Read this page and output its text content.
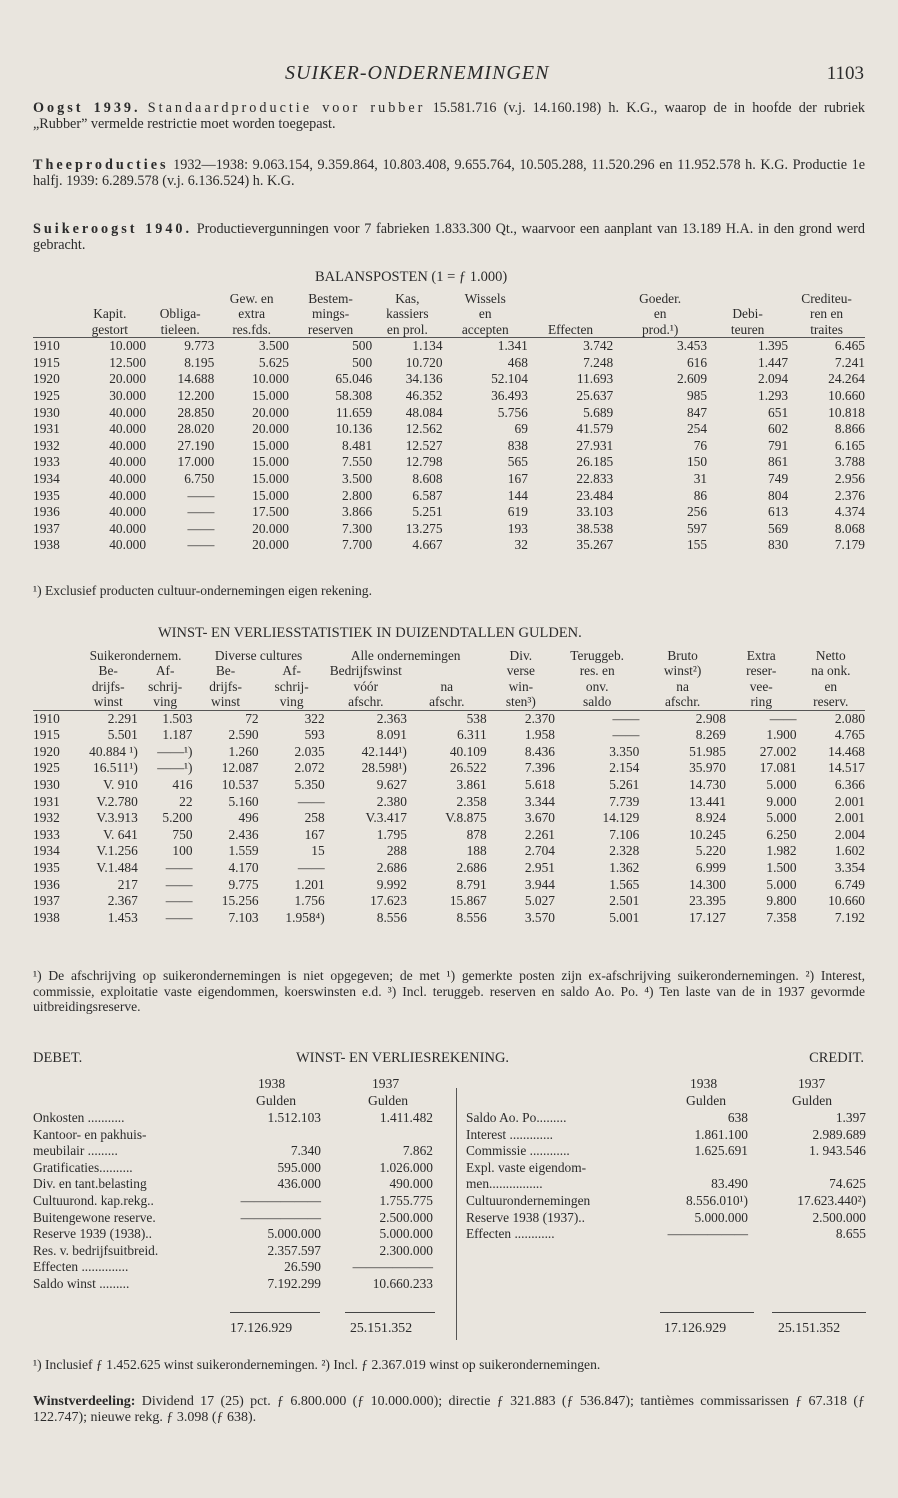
SUIKER-ONDERNEMINGEN	1103
Oogst 1939. Standaardproductie voor rubber 15.581.716 (v.j. 14.160.198) h. K.G., waarop de in hoofde der rubriek „Rubber” vermelde restrictie moet worden toegepast.
Theeproducties 1932—1938: 9.063.154, 9.359.864, 10.803.408, 9.655.764, 10.505.288, 11.520.296 en 11.952.578 h. K.G. Productie 1e halfj. 1939: 6.289.578 (v.j. 6.136.524) h. K.G.
Suikeroogst 1940. Productievergunningen voor 7 fabrieken 1.833.300 Qt., waarvoor een aanplant van 13.189 H.A. in den grond werd gebracht.
BALANSPOSTEN (1 = ƒ 1.000)
			Gew. en	Bestem-	Kas,	Wissels		Goeder.		Crediteu-
	Kapit.	Obliga-	extra	mings-	kassiers	en		en	Debi-	ren en
	gestort	tieleen.	res.fds.	reserven	en prol.	accepten	Effecten	prod.¹)	teuren	traites
1910	10.000	9.773	3.500	500	1.134	1.341	3.742	3.453	1.395	6.465
1915	12.500	8.195	5.625	500	10.720	468	7.248	616	1.447	7.241
1920	20.000	14.688	10.000	65.046	34.136	52.104	11.693	2.609	2.094	24.264
1925	30.000	12.200	15.000	58.308	46.352	36.493	25.637	985	1.293	10.660
1930	40.000	28.850	20.000	11.659	48.084	5.756	5.689	847	651	10.818
1931	40.000	28.020	20.000	10.136	12.562	69	41.579	254	602	8.866
1932	40.000	27.190	15.000	8.481	12.527	838	27.931	76	791	6.165
1933	40.000	17.000	15.000	7.550	12.798	565	26.185	150	861	3.788
1934	40.000	6.750	15.000	3.500	8.608	167	22.833	31	749	2.956
1935	40.000	——	15.000	2.800	6.587	144	23.484	86	804	2.376
1936	40.000	——	17.500	3.866	5.251	619	33.103	256	613	4.374
1937	40.000	——	20.000	7.300	13.275	193	38.538	597	569	8.068
1938	40.000	——	20.000	7.700	4.667	32	35.267	155	830	7.179
¹) Exclusief producten cultuur-ondernemingen eigen rekening.
WINST- EN VERLIESSTATISTIEK IN DUIZENDTALLEN GULDEN.
	Suikerondernem.		Diverse cultures		Alle ondernemingen		Div.	Teruggeb.	Bruto	Extra	Netto
	Be-	Af-	Be-	Af-	Bedrijfswinst		verse	res. en	winst²)	reser-	na onk.
	drijfs-	schrij-	drijfs-	schrij-	vóór	na	win-	onv.	na	vee-	en
	winst	ving	winst	ving	afschr.	afschr.	sten³)	saldo	afschr.	ring	reserv.
1910	2.291	1.503	72	322	2.363	538	2.370	——	2.908	——	2.080
1915	5.501	1.187	2.590	593	8.091	6.311	1.958	——	8.269	1.900	4.765
1920	40.884 ¹)	——¹)	1.260	2.035	42.144¹)	40.109	8.436	3.350	51.985	27.002	14.468
1925	16.511¹)	——¹)	12.087	2.072	28.598¹)	26.522	7.396	2.154	35.970	17.081	14.517
1930	V. 910	416	10.537	5.350	9.627	3.861	5.618	5.261	14.730	5.000	6.366
1931	V.2.780	22	5.160	——	2.380	2.358	3.344	7.739	13.441	9.000	2.001
1932	V.3.913	5.200	496	258	V.3.417	V.8.875	3.670	14.129	8.924	5.000	2.001
1933	V. 641	750	2.436	167	1.795	878	2.261	7.106	10.245	6.250	2.004
1934	V.1.256	100	1.559	15	288	188	2.704	2.328	5.220	1.982	1.602
1935	V.1.484	——	4.170	——	2.686	2.686	2.951	1.362	6.999	1.500	3.354
1936	217	——	9.775	1.201	9.992	8.791	3.944	1.565	14.300	5.000	6.749
1937	2.367	——	15.256	1.756	17.623	15.867	5.027	2.501	23.395	9.800	10.660
1938	1.453	——	7.103	1.958⁴)	8.556	8.556	3.570	5.001	17.127	7.358	7.192
¹) De afschrijving op suikerondernemingen is niet opgegeven; de met ¹) gemerkte posten zijn ex-afschrijving suikerondernemingen. ²) Interest, commissie, exploitatie vaste eigendommen, koerswinsten e.d. ³) Incl. teruggeb. reserven en saldo Ao. Po. ⁴) Ten laste van de in 1937 gevormde uitbreidingsreserve.
DEBET.	WINST- EN VERLIESREKENING.	CREDIT.
1938	1937
Gulden	Gulden
1938	1937
Gulden	Gulden
Onkosten ...........	1.512.103	1.411.482
Kantoor- en pakhuis-		
meubilair .........	7.340	7.862
Gratificaties..........	595.000	1.026.000
Div. en tant.belasting	436.000	490.000
Cultuurond. kap.rekg..	——————	1.755.775
Buitengewone reserve.	——————	2.500.000
Reserve 1939 (1938)..	5.000.000	5.000.000
Res. v. bedrijfsuitbreid.	2.357.597	2.300.000
Effecten ..............	26.590	——————
Saldo winst .........	7.192.299	10.660.233
Saldo Ao. Po.........	638	1.397
Interest .............	1.861.100	2.989.689
Commissie ............	1.625.691	1. 943.546
Expl. vaste eigendom-		
men................	83.490	74.625
Cultuurondernemingen	8.556.010¹)	17.623.440²)
Reserve 1938 (1937)..	5.000.000	2.500.000
Effecten ............	——————	8.655
17.126.929	25.151.352	17.126.929	25.151.352
¹) Inclusief ƒ 1.452.625 winst suikerondernemingen. ²) Incl. ƒ 2.367.019 winst op suikerondernemingen.
Winstverdeeling: Dividend 17 (25) pct. ƒ 6.800.000 (ƒ 10.000.000); directie ƒ 321.883 (ƒ 536.847); tantièmes commissarissen ƒ 67.318 (ƒ 122.747); nieuwe rekg. ƒ 3.098 (ƒ 638).
